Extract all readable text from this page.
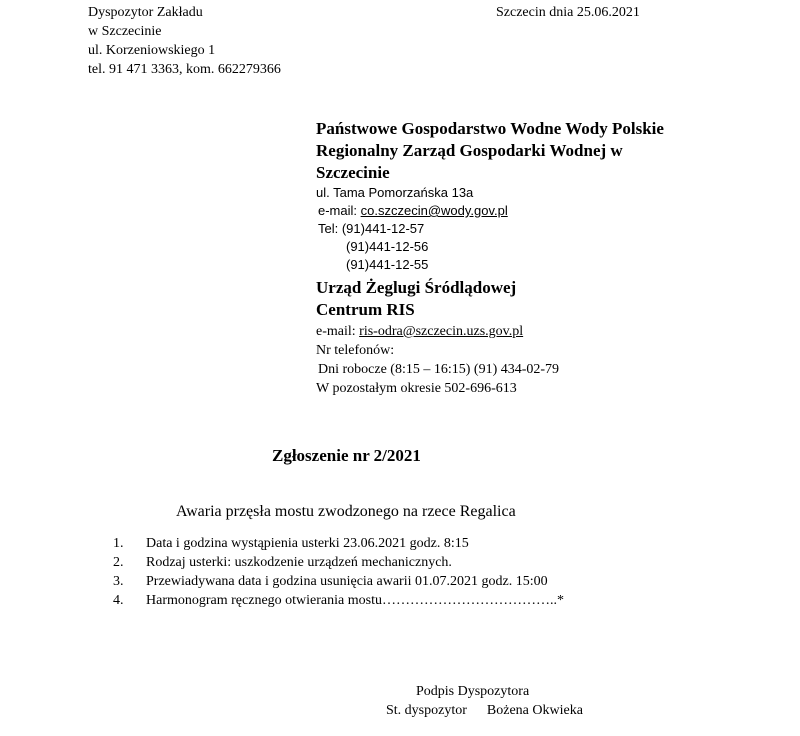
Dyspozytor Zakładu
w Szczecinie
ul. Korzeniowskiego 1
tel. 91 471 3363, kom. 662279366
Szczecin dnia 25.06.2021
Państwowe Gospodarstwo Wodne Wody Polskie
Regionalny Zarząd Gospodarki Wodnej w
Szczecinie
ul. Tama Pomorzańska 13a
e-mail: co.szczecin@wody.gov.pl
Tel: (91)441-12-57
(91)441-12-56
(91)441-12-55
Urząd Żeglugi Śródlądowej
Centrum RIS
e-mail: ris-odra@szczecin.uzs.gov.pl
Nr telefonów:
Dni robocze (8:15 – 16:15) (91) 434-02-79
W pozostałym okresie 502-696-613
Zgłoszenie nr 2/2021
Awaria przęsła mostu zwodzonego na rzece Regalica
1.	Data i godzina wystąpienia usterki 23.06.2021 godz. 8:15
2.	Rodzaj usterki: uszkodzenie urządzeń mechanicznych.
3.	Przewiadywana data i godzina usunięcia awarii 01.07.2021 godz. 15:00
4.	Harmonogram ręcznego otwierania mostu………………………………..*
Podpis Dyspozytora
St. dyspozytor Bożena Okwieka
